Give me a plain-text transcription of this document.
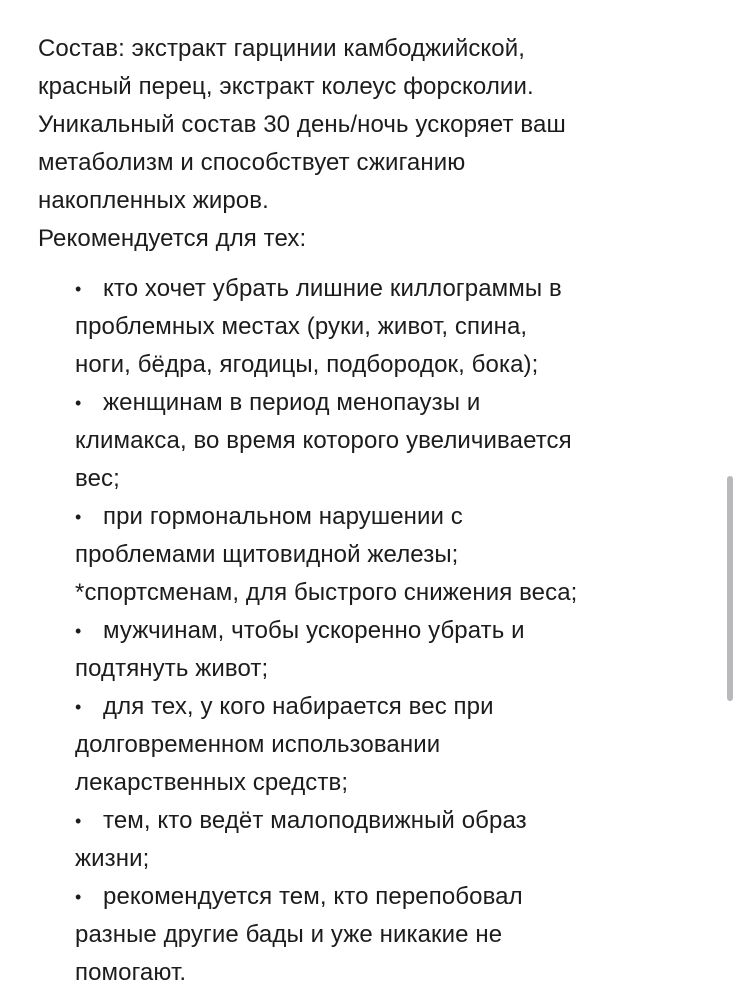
Состав: экстракт гарцинии камбоджийской,
красный перец, экстракт колеус форсколии.
Уникальный состав 30 день/ночь ускоряет ваш
метаболизм и способствует сжиганию
накопленных жиров.

Рекомендуется для тех:

• кто хочет убрать лишние киллограммы в
проблемных местах (руки, живот, спина,
ноги, бёдра, ягодицы, подбородок, бока);
• женщинам в период менопаузы и
климакса, во время которого увеличивается
вес;
• при гормональном нарушении с
проблемами щитовидной железы;
*спортсменам, для быстрого снижения веса;
• мужчинам, чтобы ускоренно убрать и
подтянуть живот;
• для тех, у кого набирается вес при
долговременном использовании
лекарственных средств;
• тем, кто ведёт малоподвижный образ
жизни;
• рекомендуется тем, кто перепобовал
разные другие бады и уже никакие не
помогают.
